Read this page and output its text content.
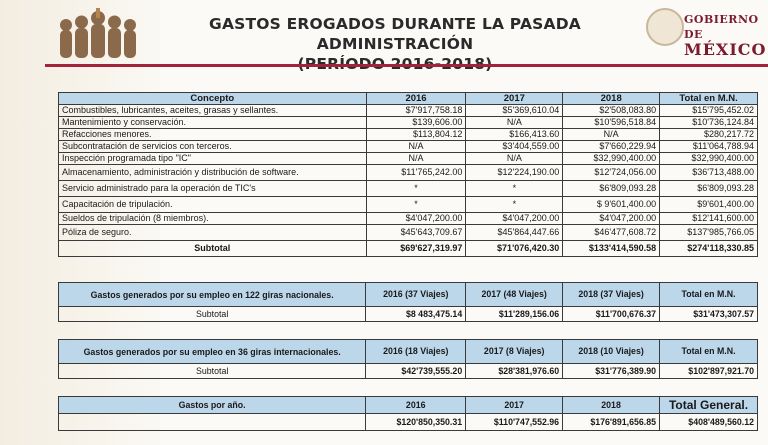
GASTOS EROGADOS DURANTE LA PASADA ADMINISTRACIÓN
GOBIERNO DE
MÉXICO
Concepto	2016	2017	2018	Total en M.N.
Combustibles, lubricantes, aceites, grasas y sellantes.	$7'917,758.18	$5'369,610.04	$2'508,083.80	$15'795,452.02
Mantenimiento y conservación.	$139,606.00	N/A	$10'596,518.84	$10'736,124.84
Refacciones menores.	$113,804.12	$166,413.60	N/A	$280,217.72
Subcontratación de servicios con terceros.	N/A	$3'404,559.00	$7'660,229.94	$11'064,788.94
Inspección programada tipo "IC"	N/A	N/A	$32,990,400.00	$32,990,400.00
Almacenamiento, administración y distribución de software.	$11'765,242.00	$12'224,190.00	$12'724,056.00	$36'713,488.00
Servicio administrado para la operación de TIC's	*	*	$6'809,093.28	$6'809,093.28
Capacitación de tripulación.	*	*	$ 9'601,400.00	$9'601,400.00
Sueldos de tripulación (8 miembros).	$4'047,200.00	$4'047,200.00	$4'047,200.00	$12'141,600.00
Póliza de seguro.	$45'643,709.67	$45'864,447.66	$46'477,608.72	$137'985,766.05
Subtotal	$69'627,319.97	$71'076,420.30	$133'414,590.58	$274'118,330.85
Gastos generados por su empleo en 122 giras nacionales.	2016 (37 Viajes)	2017 (48 Viajes)	2018 (37 Viajes)	Total en M.N.
Subtotal	$8 483,475.14	$11'289,156.06	$11'700,676.37	$31'473,307.57
Gastos generados por su empleo en 36 giras internacionales.	2016 (18 Viajes)	2017 (8 Viajes)	2018 (10 Viajes)	Total en M.N.
Subtotal	$42'739,555.20	$28'381,976.60	$31'776,389.90	$102'897,921.70
Gastos por año.	2016	2017	2018	Total General.
	$120'850,350.31	$110'747,552.96	$176'891,656.85	$408'489,560.12
